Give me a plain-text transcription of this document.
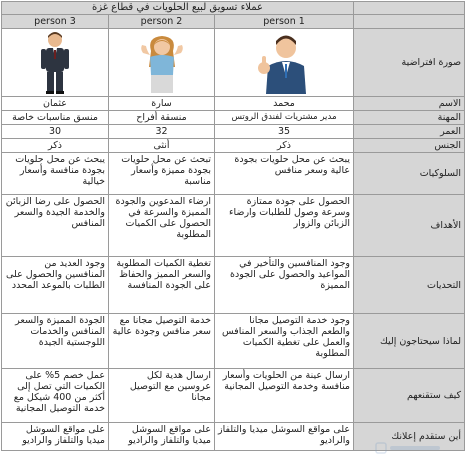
عملاء تسويق لبيع الحلويات في قطاع غزة			
person 3	person 2	person 1	

	صورة افتراضية
عثمان	سارة	محمد	الاسم
منسق مناسبات خاصة	منسقة أفراح	مدير مشتريات لفندق الروتس	المهنة
30	32	35	العمر
ذكر	أنثى	ذكر	الجنس
يبحث عن محل حلويات بجودة منافسة وأسعار خيالية	تبحث عن محل حلويات بجودة مميزة وأسعار مناسبة	يبحث عن محل حلويات بجودة عالية وسعر منافس	السلوكيات
الحصول على رضا الزبائن والخدمة الجيدة والسعر المنافس	ارضاء المدعوين والجودة المميزة والسرعة في الحصول على الكميات المطلوبة	الحصول على جودة ممتازة وسرعة وصول للطلبات وارضاء الزبائن والزوار	الأهداف
وجود العديد من المنافسين والحصول على الطلبات بالموعد المحدد	تغطية الكميات المطلوبة والسعر المميز والحفاظ على الجودة المنافسة	وجود المنافسين والتأخير في المواعيد والحصول على الجودة المميزة	التحديات
الجودة المميزة والسعر المنافس والخدمات اللوجستية الجيدة	خدمة التوصيل مجانا مع سعر منافس وجودة عالية	وجود خدمة التوصيل مجانا والطعم الجذاب والسعر المنافس والعمل على تغطية الكميات المطلوبة	لماذا سيحتاجون إليك
عمل خصم 5% على الكميات التي تصل إلى أكثر من 400 شيكل مع خدمة التوصيل المجانية	ارسال هدية لكل عروسين مع التوصيل مجانا	ارسال عينة من الحلويات وأسعار منافسة وخدمة التوصيل المجانية	كيف ستقنعهم
على مواقع السوشل ميديا والتلفاز والراديو	على مواقع السوشل ميديا والتلفاز والراديو	على مواقع السوشل ميديا والتلفاز والراديو	أين ستقدم إعلانك
